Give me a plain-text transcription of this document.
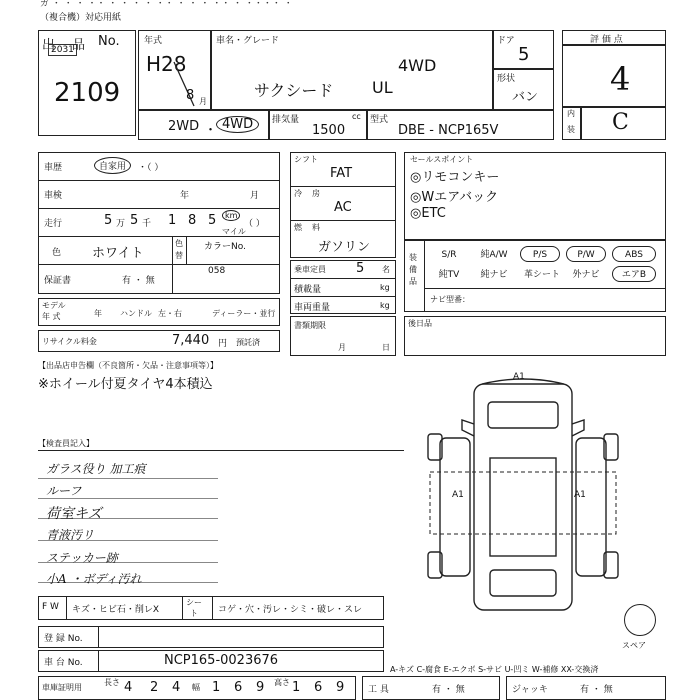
ガ ・ ・ ・ ・・ ・ ・ ・ ・ ・・ ・ ・ ・ ・・ ・ ・・・・ ・
（複合機）対応用紙
出 品 No.
2031
2109
年式
H28
8 月
車名・グレード
4WD
サクシード UL
ドア
5
形状
バン
2WD ・ 4WD	排気量	cc
1500
型式
DBE - NCP165V
評 価 点
4
内
装 C
車歴	自家用	・（ ）
車検	年	月
走行	5 万 5 千 1 8 5	km
マイル
（ ）
色 ホワイト
色
替
カラーNo.
058
保証書	有 ・ 無
モデル
年 式	年 ハンドル 左・右	ディーラー・並行
リサイクル料金	7,440 円 預託済
シフト
FAT
冷 房
AC
燃 料
ガソリン
乗車定員 5 名
積載量	kg
車両重量	kg
書類期限
月	日
セールスポイント
◎リモコンキー
◎Wエアバック
◎ETC
装備品
S/R	純A/W	P/S	P/W	ABS
純TV	純ナビ	革シート	外ナビ	エアB
ナビ型番：
後日品
【出品店申告欄（不良箇所・欠品・注意事項等）】
※ホイール付夏タイヤ4本積込
【検査員記入】
ガラス役り 加工痕
ルーフ
荷室キズ
青液汚リ
ステッカー跡
小A ・ボディ汚れ
A1
A1	A1
スペア
F W キズ・ヒビ石・削レX
シー
ト コゲ・穴・汚レ・シミ・破レ・スレ
登 録 No.
車 台 No.	NCP165-0023676
A-キズ C-腐食 E-エクボ S-サビ U-凹ミ W-補修 XX-交換済
車庫証明用
長さ 4 2 4 幅 1 6 9 高さ 1 6 9	工 具	有 ・ 無	ジャッキ	有 ・ 無
